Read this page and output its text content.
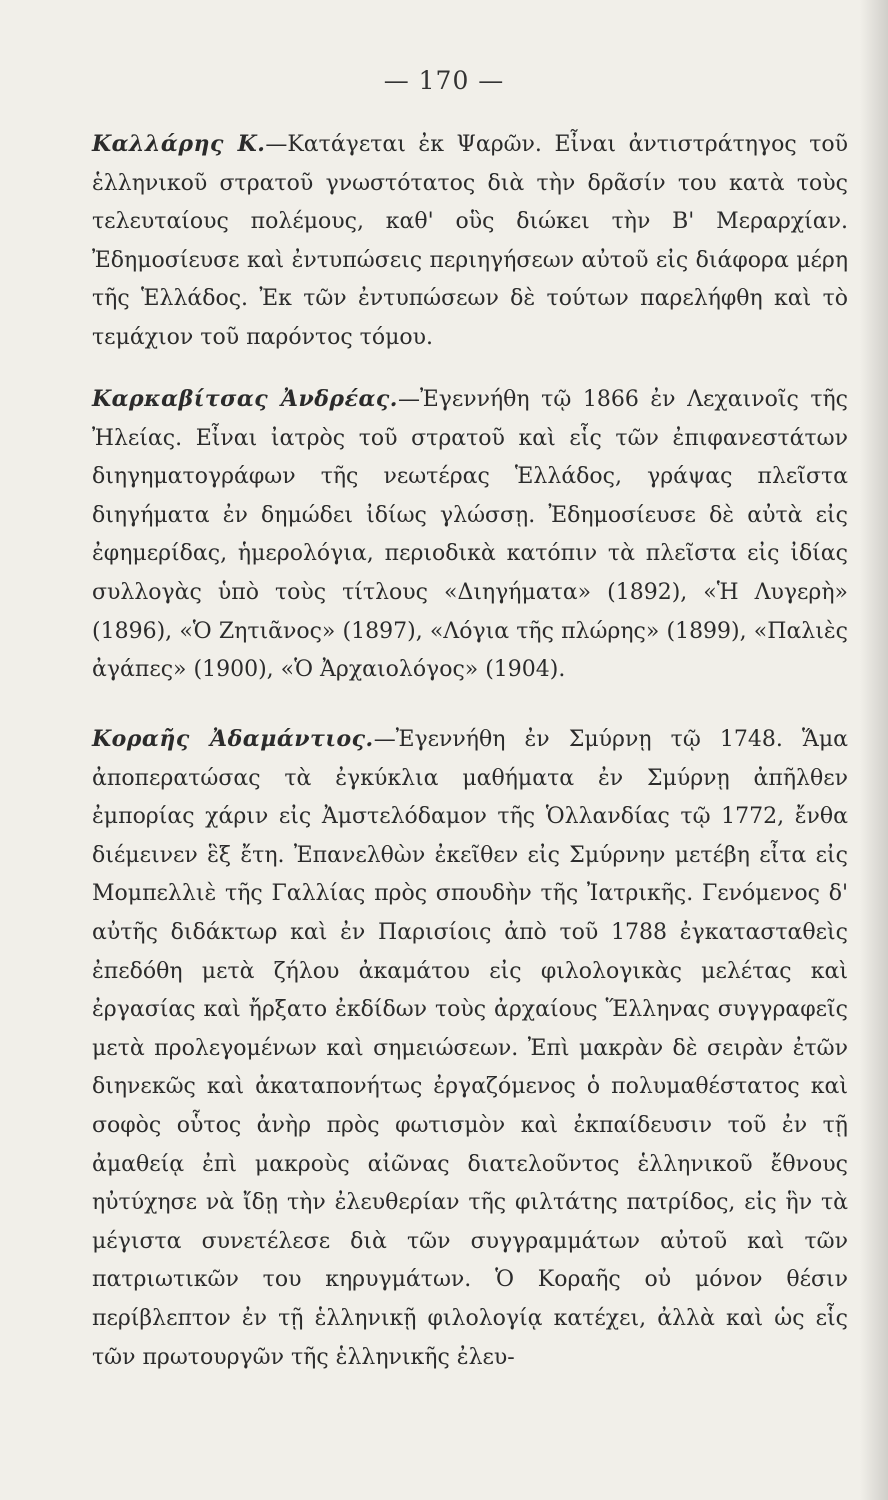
— 170 —

Καλλάρης Κ.—Κατάγεται ἐκ Ψαρῶν. Εἶναι ἀντιστράτηγος τοῦ ἑλληνικοῦ στρατοῦ γνωστότατος διὰ τὴν δρᾶσίν του κατὰ τοὺς τελευταίους πολέμους, καθ' οὓς διώκει τὴν Β' Μεραρχίαν. Ἐδημοσίευσε καὶ ἐντυπώσεις περιηγήσεων αὐτοῦ εἰς διάφορα μέρη τῆς Ἑλλάδος. Ἐκ τῶν ἐντυπώσεων δὲ τούτων παρελήφθη καὶ τὸ τεμάχιον τοῦ παρόντος τόμου.

Καρκαβίτσας Ἀνδρέας.—Ἐγεννήθη τῷ 1866 ἐν Λεχαινοῖς τῆς Ἠλείας. Εἶναι ἰατρὸς τοῦ στρατοῦ καὶ εἷς τῶν ἐπιφανεστάτων διηγηματογράφων τῆς νεωτέρας Ἑλλάδος, γράψας πλεῖστα διηγήματα ἐν δημώδει ἰδίως γλώσσῃ. Ἐδημοσίευσε δὲ αὐτὰ εἰς ἐφημερίδας, ἡμερολόγια, περιοδικὰ κατόπιν τὰ πλεῖστα εἰς ἰδίας συλλογὰς ὑπὸ τοὺς τίτλους «Διηγήματα» (1892), «Ἡ Λυγερὴ» (1896), «Ὁ Ζητιᾶνος» (1897), «Λόγια τῆς πλώρης» (1899), «Παλιὲς ἀγάπες» (1900), «Ὁ Ἀρχαιολόγος» (1904).

Κοραῆς Ἀδαμάντιος.—Ἐγεννήθη ἐν Σμύρνῃ τῷ 1748. Ἅμα ἀποπερατώσας τὰ ἐγκύκλια μαθήματα ἐν Σμύρνῃ ἀπῆλθεν ἐμπορίας χάριν εἰς Ἀμστελόδαμον τῆς Ὁλλανδίας τῷ 1772, ἔνθα διέμεινεν ἓξ ἔτη. Ἐπανελθὼν ἐκεῖθεν εἰς Σμύρνην μετέβη εἶτα εἰς Μομπελλιὲ τῆς Γαλλίας πρὸς σπουδὴν τῆς Ἰατρικῆς. Γενόμενος δ' αὐτῆς διδάκτωρ καὶ ἐν Παρισίοις ἀπὸ τοῦ 1788 ἐγκατασταθεὶς ἐπεδόθη μετὰ ζήλου ἀκαμάτου εἰς φιλολογικὰς μελέτας καὶ ἐργασίας καὶ ἤρξατο ἐκδίδων τοὺς ἀρχαίους Ἕλληνας συγγραφεῖς μετὰ προλεγομένων καὶ σημειώσεων. Ἐπὶ μακρὰν δὲ σειρὰν ἐτῶν διηνεκῶς καὶ ἀκαταπονήτως ἐργαζόμενος ὁ πολυμαθέστατος καὶ σοφὸς οὗτος ἀνὴρ πρὸς φωτισμὸν καὶ ἐκπαίδευσιν τοῦ ἐν τῇ ἀμαθείᾳ ἐπὶ μακροὺς αἰῶνας διατελοῦντος ἑλληνικοῦ ἔθνους ηὐτύχησε νὰ ἴδῃ τὴν ἐλευθερίαν τῆς φιλτάτης πατρίδος, εἰς ἣν τὰ μέγιστα συνετέλεσε διὰ τῶν συγγραμμάτων αὐτοῦ καὶ τῶν πατριωτικῶν του κηρυγμάτων. Ὁ Κοραῆς οὐ μόνον θέσιν περίβλεπτον ἐν τῇ ἑλληνικῇ φιλολογίᾳ κατέχει, ἀλλὰ καὶ ὡς εἷς τῶν πρωτουργῶν τῆς ἑλληνικῆς ἐλευ-
